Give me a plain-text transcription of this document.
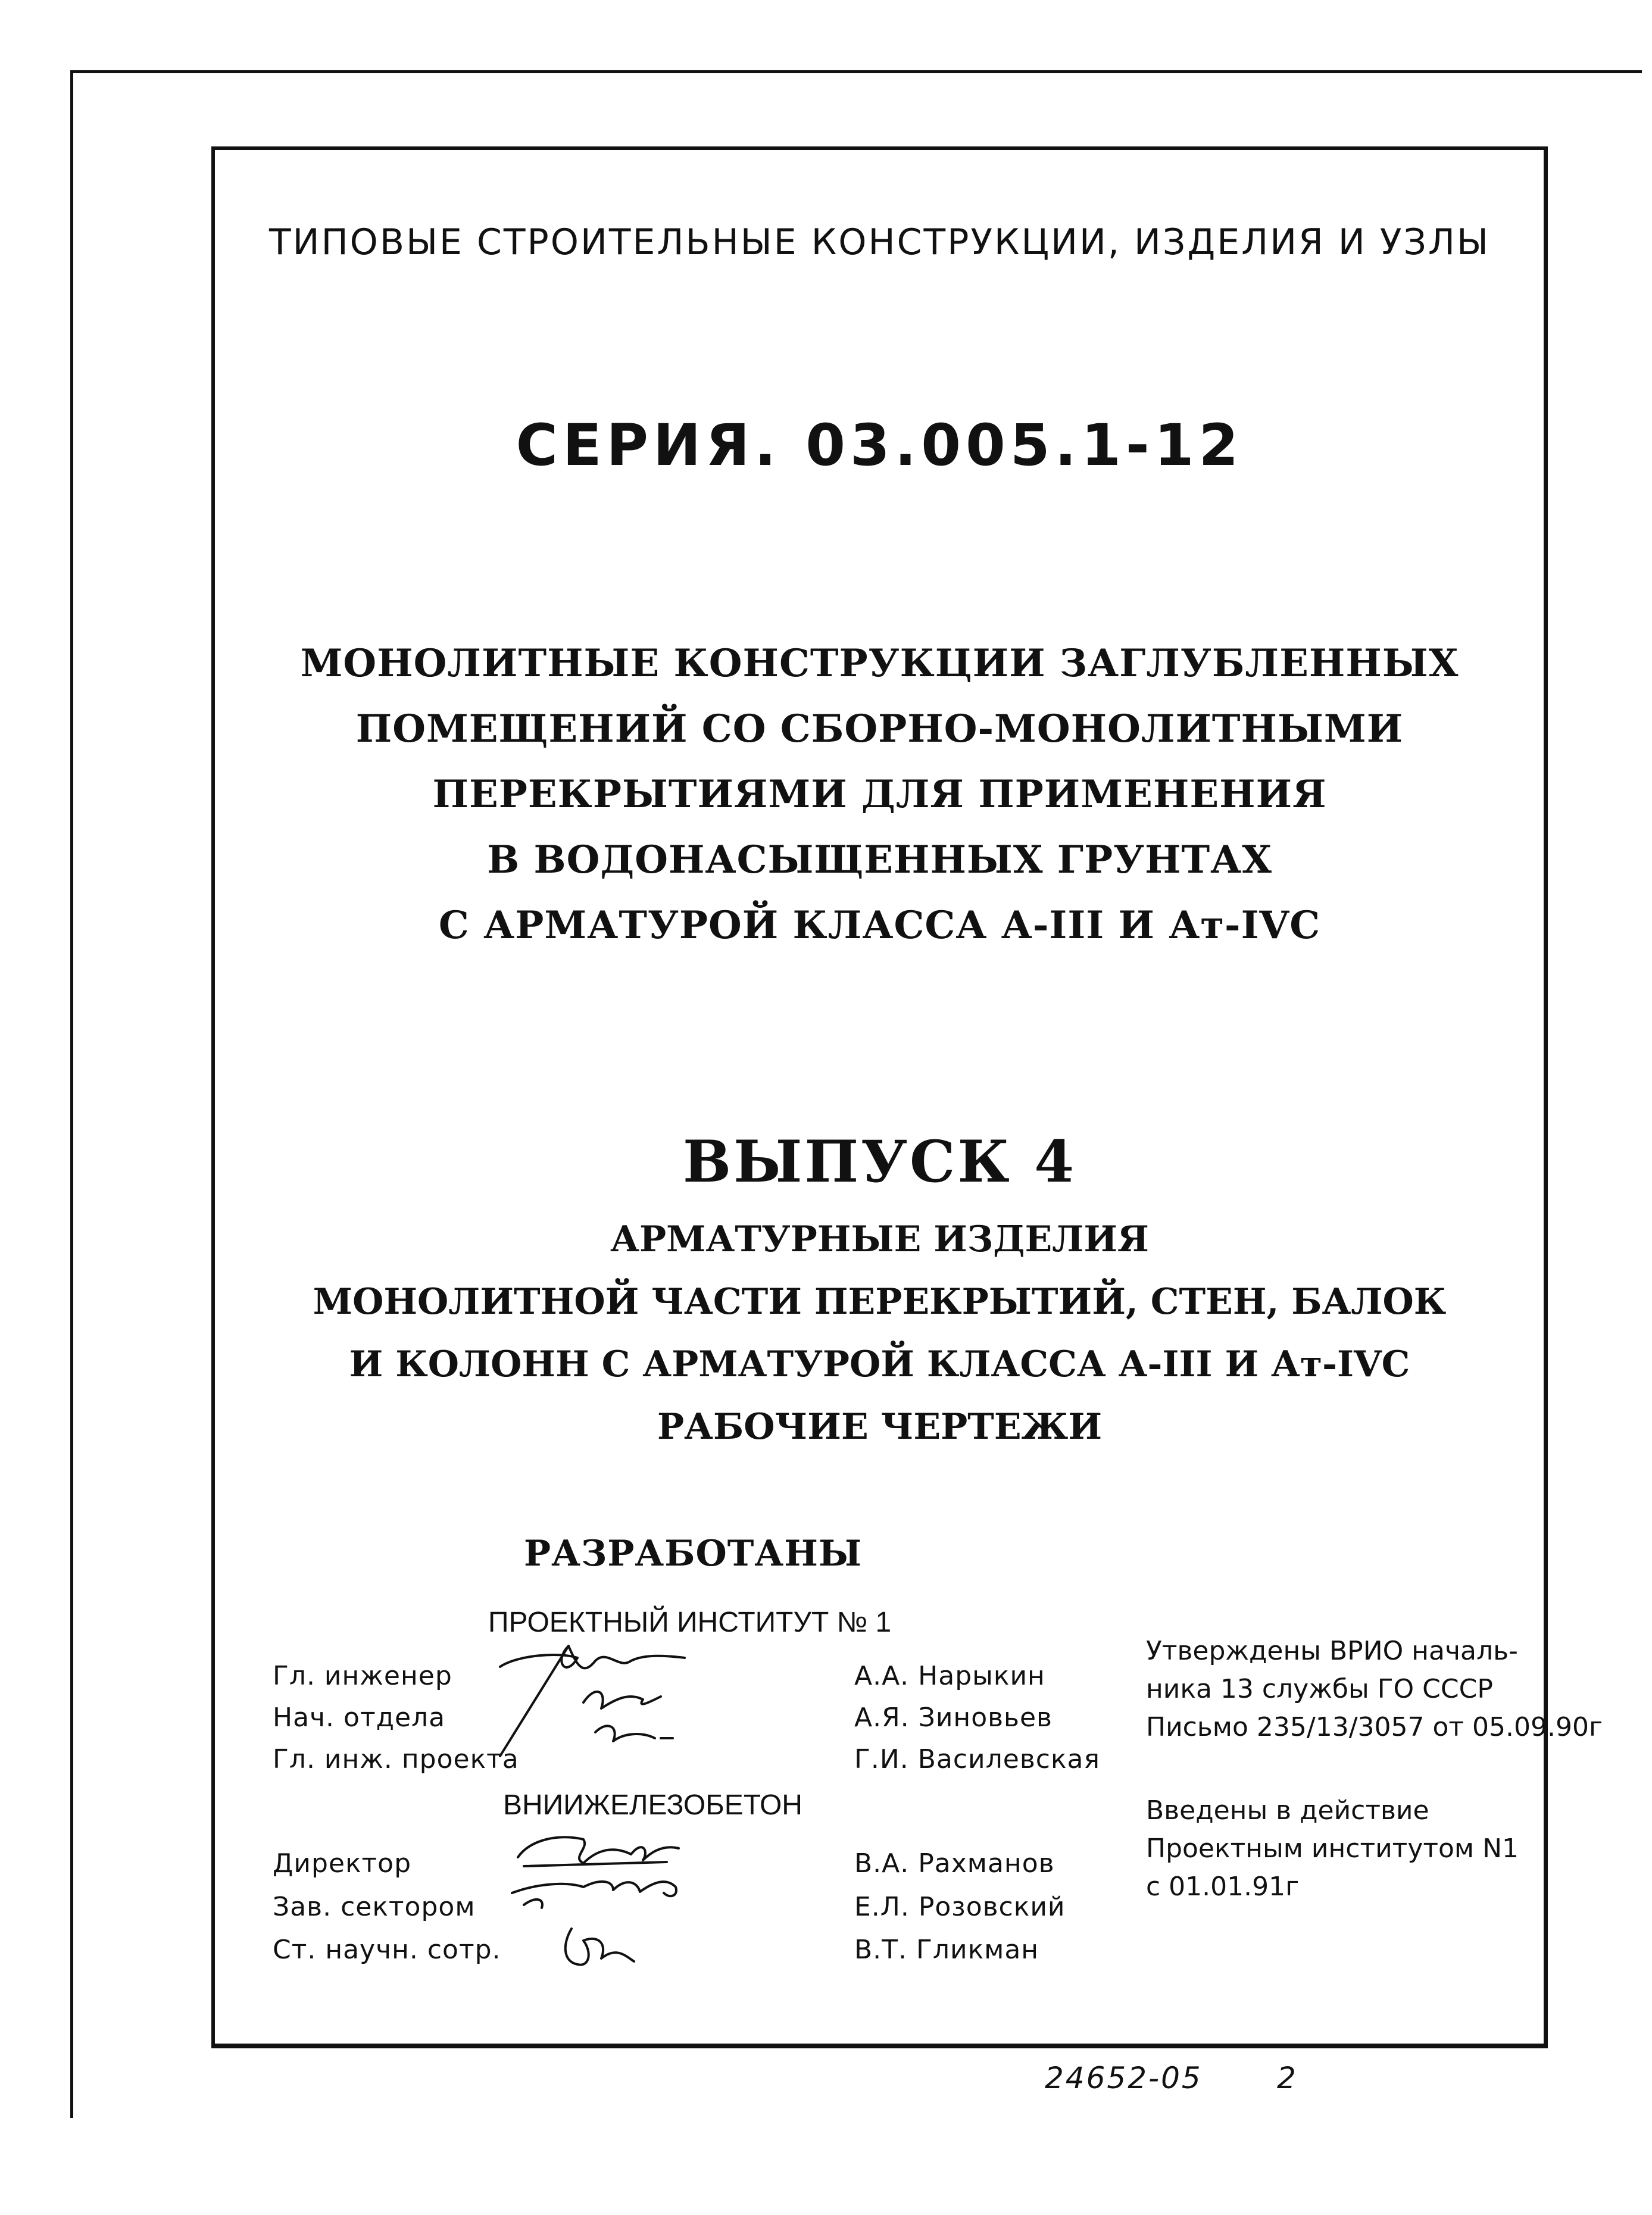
ТИПОВЫЕ СТРОИТЕЛЬНЫЕ КОНСТРУКЦИИ, ИЗДЕЛИЯ И УЗЛЫ
СЕРИЯ. 03.005.1-12
МОНОЛИТНЫЕ КОНСТРУКЦИИ ЗАГЛУБЛЕННЫХ
ПОМЕЩЕНИЙ СО СБОРНО-МОНОЛИТНЫМИ
ПЕРЕКРЫТИЯМИ ДЛЯ ПРИМЕНЕНИЯ
В ВОДОНАСЫЩЕННЫХ ГРУНТАХ
С АРМАТУРОЙ КЛАССА А-III И Ат-IVС
ВЫПУСК 4
АРМАТУРНЫЕ ИЗДЕЛИЯ
МОНОЛИТНОЙ ЧАСТИ ПЕРЕКРЫТИЙ, СТЕН, БАЛОК
И КОЛОНН С АРМАТУРОЙ КЛАССА А-III И Ат-IVС
РАБОЧИЕ ЧЕРТЕЖИ
РАЗРАБОТАНЫ
ПРОЕКТНЫЙ ИНСТИТУТ № 1
Гл. инженер
Нач. отдела
Гл. инж. проекта
А.А. Нарыкин
А.Я. Зиновьев
Г.И. Василевская
ВНИИЖЕЛЕЗОБЕТОН
Директор
Зав. сектором
Ст. научн. сотр.
В.А. Рахманов
Е.Л. Розовский
В.Т. Гликман
Утверждены ВРИО началь-
ника 13 службы ГО СССР
Письмо 235/13/3057 от 05.09.90г
Введены в действие
Проектным институтом N1
с 01.01.91г
24652-05	2
